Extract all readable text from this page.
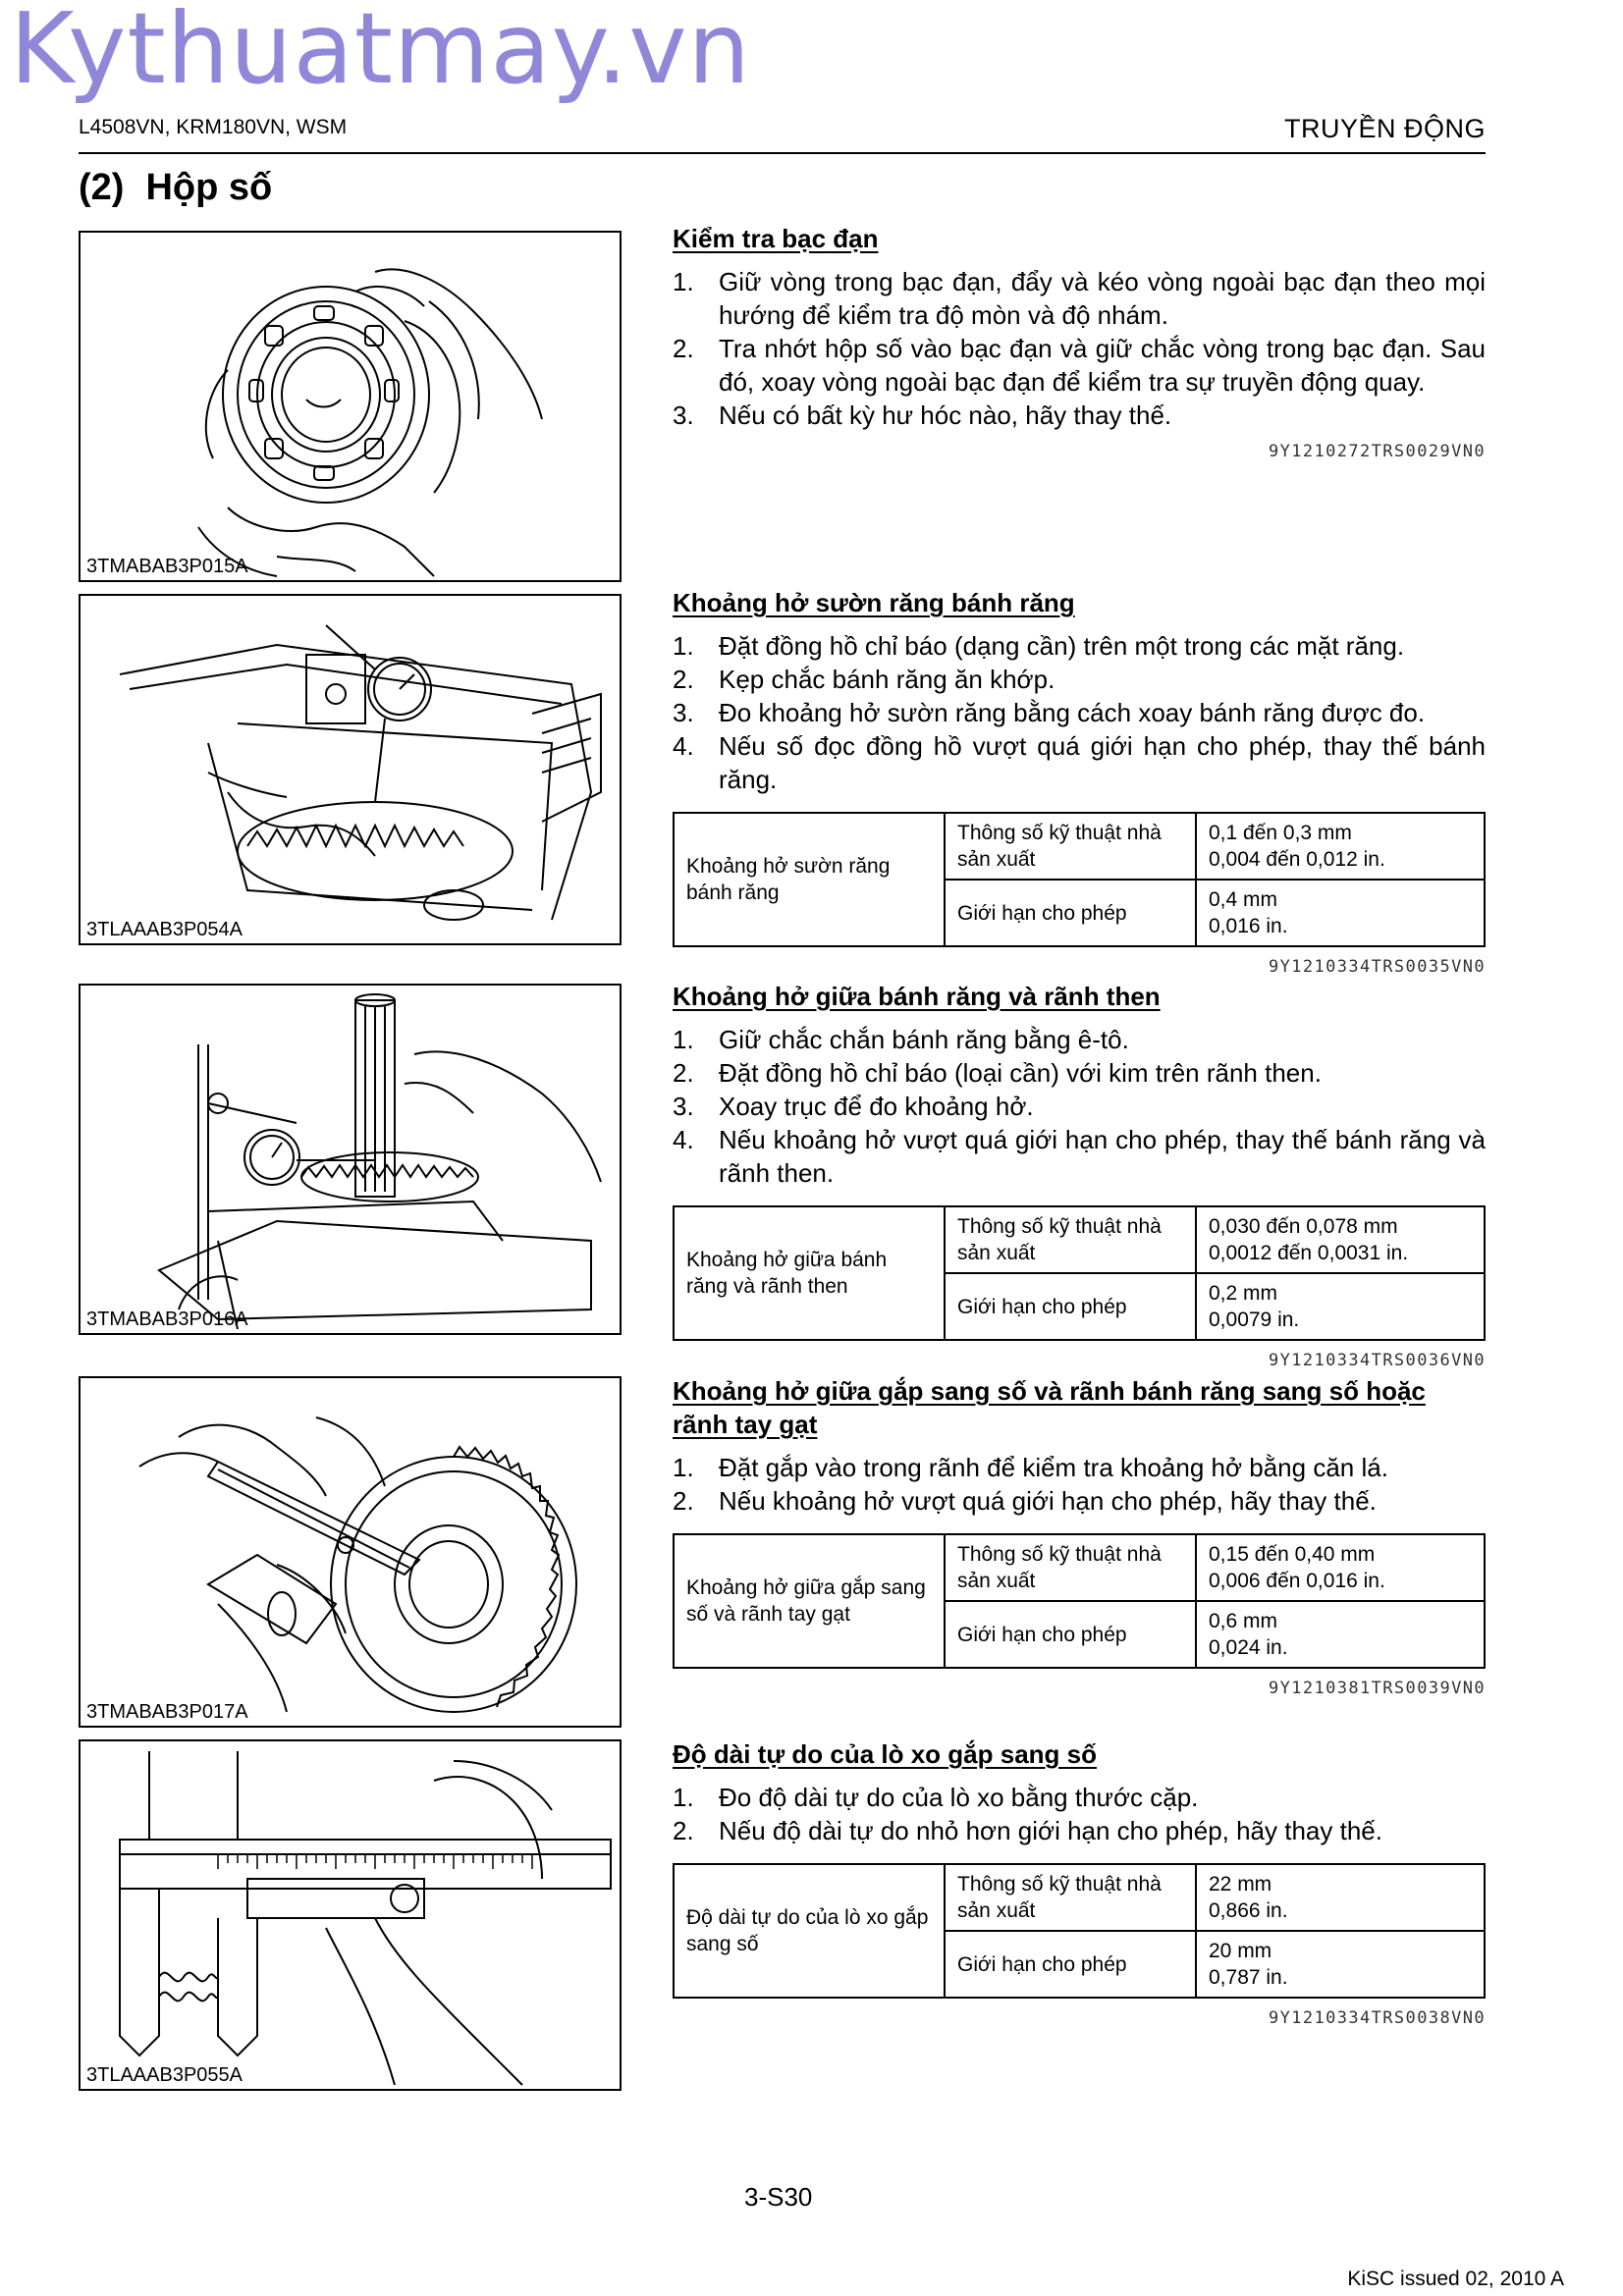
Kythuatmay.vn
L4508VN, KRM180VN, WSM	TRUYỀN ĐỘNG
(2) Hộp số
3TMABAB3P015A
3TLAAAB3P054A
3TMABAB3P016A
3TMABAB3P017A
3TLAAAB3P055A
Kiểm tra bạc đạn
1. Giữ vòng trong bạc đạn, đẩy và kéo vòng ngoài bạc đạn theo mọi hướng để kiểm tra độ mòn và độ nhám.
2. Tra nhớt hộp số vào bạc đạn và giữ chắc vòng trong bạc đạn. Sau đó, xoay vòng ngoài bạc đạn để kiểm tra sự truyền động quay.
3. Nếu có bất kỳ hư hóc nào, hãy thay thế.
9Y1210272TRS0029VN0
Khoảng hở sườn răng bánh răng
1. Đặt đồng hồ chỉ báo (dạng cần) trên một trong các mặt răng.
2. Kẹp chắc bánh răng ăn khớp.
3. Đo khoảng hở sườn răng bằng cách xoay bánh răng được đo.
4. Nếu số đọc đồng hồ vượt quá giới hạn cho phép, thay thế bánh răng.
Khoảng hở sườn răng bánh răng	Thông số kỹ thuật nhà sản xuất	0,1 đến 0,3 mm
0,004 đến 0,012 in.

	Giới hạn cho phép	0,4 mm
0,016 in.
9Y1210334TRS0035VN0
Khoảng hở giữa bánh răng và rãnh then
1. Giữ chắc chắn bánh răng bằng ê-tô.
2. Đặt đồng hồ chỉ báo (loại cần) với kim trên rãnh then.
3. Xoay trục để đo khoảng hở.
4. Nếu khoảng hở vượt quá giới hạn cho phép, thay thế bánh răng và rãnh then.
Khoảng hở giữa bánh răng và rãnh then	Thông số kỹ thuật nhà sản xuất	0,030 đến 0,078 mm
0,0012 đến 0,0031 in.

	Giới hạn cho phép	0,2 mm
0,0079 in.
9Y1210334TRS0036VN0
Khoảng hở giữa gắp sang số và rãnh bánh răng sang số hoặc rãnh tay gạt
1. Đặt gắp vào trong rãnh để kiểm tra khoảng hở bằng căn lá.
2. Nếu khoảng hở vượt quá giới hạn cho phép, hãy thay thế.
Khoảng hở giữa gắp sang số và rãnh tay gạt	Thông số kỹ thuật nhà sản xuất	0,15 đến 0,40 mm
0,006 đến 0,016 in.

	Giới hạn cho phép	0,6 mm
0,024 in.
9Y1210381TRS0039VN0
Độ dài tự do của lò xo gắp sang số
1. Đo độ dài tự do của lò xo bằng thước cặp.
2. Nếu độ dài tự do nhỏ hơn giới hạn cho phép, hãy thay thế.
Độ dài tự do của lò xo gắp sang số	Thông số kỹ thuật nhà sản xuất	22 mm
0,866 in.

	Giới hạn cho phép	20 mm
0,787 in.
9Y1210334TRS0038VN0
3-S30
KiSC issued 02, 2010 A
